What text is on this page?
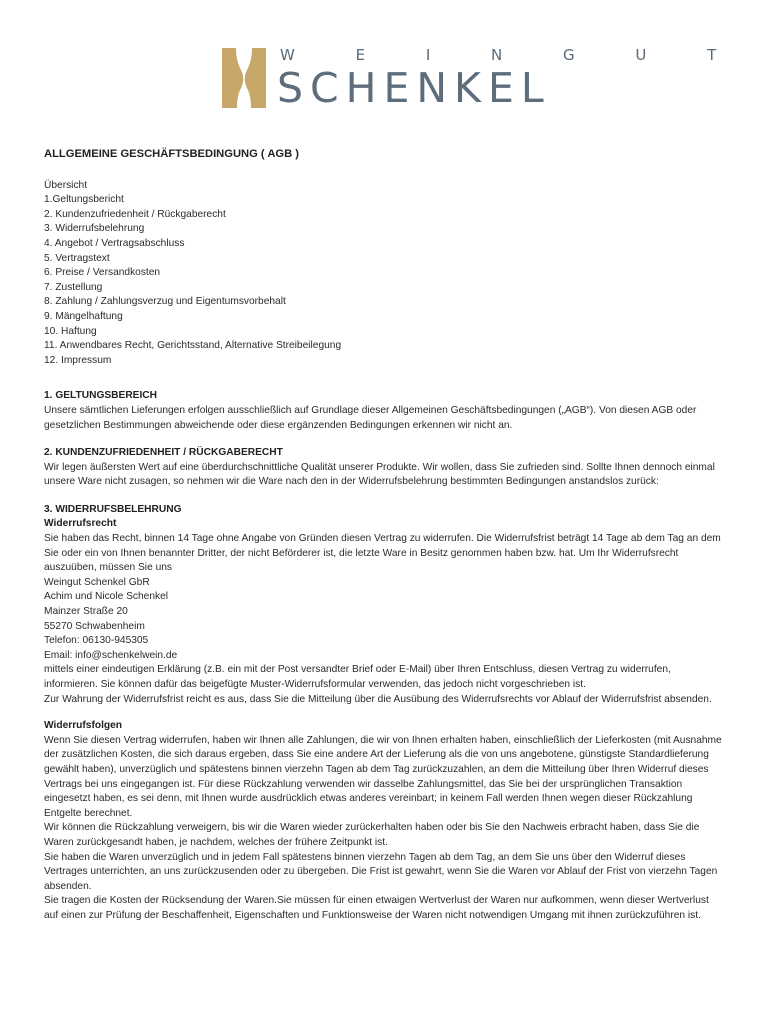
W E I N G U T
SCHENKEL

ALLGEMEINE GESCHÄFTSBEDINGUNG ( AGB )

Übersicht

1.Geltungsbericht

2. Kundenzufriedenheit / Rückgaberecht

3. Widerrufsbelehrung

4. Angebot / Vertragsabschluss

5. Vertragstext

6. Preise / Versandkosten

7. Zustellung

8. Zahlung / Zahlungsverzug und Eigentumsvorbehalt

9. Mängelhaftung

10. Haftung

11. Anwendbares Recht, Gerichtsstand, Alternative Streibeilegung

12. Impressum

1. GELTUNGSBEREICH

Unsere sämtlichen Lieferungen erfolgen ausschließlich auf Grundlage dieser Allgemeinen Geschäftsbedingungen („AGB“). Von diesen AGB oder gesetzlichen Bestimmungen abweichende oder diese ergänzenden Bedingungen erkennen wir nicht an.

2. KUNDENZUFRIEDENHEIT / RÜCKGABERECHT

Wir legen äußersten Wert auf eine überdurchschnittliche Qualität unserer Produkte. Wir wollen, dass Sie zufrieden sind. Sollte Ihnen dennoch einmal unsere Ware nicht zusagen, so nehmen wir die Ware nach den in der Widerrufsbelehrung bestimmten Bedingungen anstandslos zurück:

3. WIDERRUFSBELEHRUNG

Widerrufsrecht

Sie haben das Recht, binnen 14 Tage ohne Angabe von Gründen diesen Vertrag zu widerrufen. Die Widerrufsfrist beträgt 14 Tage ab dem Tag an dem Sie oder ein von Ihnen benannter Dritter, der nicht Beförderer ist, die letzte Ware in Besitz genommen haben bzw. hat. Um Ihr Widerrufsrecht auszuüben, müssen Sie uns

Weingut Schenkel GbR

Achim und Nicole Schenkel

Mainzer Straße 20

55270 Schwabenheim

Telefon: 06130-945305

Email: info@schenkelwein.de

mittels einer eindeutigen Erklärung (z.B. ein mit der Post versandter Brief oder E-Mail) über Ihren Entschluss, diesen Vertrag zu widerrufen, informieren. Sie können dafür das beigefügte Muster-Widerrufsformular verwenden, das jedoch nicht vorgeschrieben ist.

Zur Wahrung der Widerrufsfrist reicht es aus, dass Sie die Mitteilung über die Ausübung des Widerrufsrechts vor Ablauf der Widerrufsfrist absenden.

Widerrufsfolgen

Wenn Sie diesen Vertrag widerrufen, haben wir Ihnen alle Zahlungen, die wir von Ihnen erhalten haben, einschließlich der Lieferkosten (mit Ausnahme der zusätzlichen Kosten, die sich daraus ergeben, dass Sie eine andere Art der Lieferung als die von uns angebotene, günstigste Standardlieferung gewählt haben), unverzüglich und spätestens binnen vierzehn Tagen ab dem Tag zurückzuzahlen, an dem die Mitteilung über Ihren Widerruf dieses Vertrags bei uns eingegangen ist. Für diese Rückzahlung verwenden wir dasselbe Zahlungsmittel, das Sie bei der ursprünglichen Transaktion eingesetzt haben, es sei denn, mit Ihnen wurde ausdrücklich etwas anderes vereinbart; in keinem Fall werden Ihnen wegen dieser Rückzahlung Entgelte berechnet.

Wir können die Rückzahlung verweigern, bis wir die Waren wieder zurückerhalten haben oder bis Sie den Nachweis erbracht haben, dass Sie die Waren zurückgesandt haben, je nachdem, welches der frühere Zeitpunkt ist.

Sie haben die Waren unverzüglich und in jedem Fall spätestens binnen vierzehn Tagen ab dem Tag, an dem Sie uns über den Widerruf dieses Vertrages unterrichten, an uns zurückzusenden oder zu übergeben. Die Frist ist gewahrt, wenn Sie die Waren vor Ablauf der Frist von vierzehn Tagen absenden.

Sie tragen die Kosten der Rücksendung der Waren.Sie müssen für einen etwaigen Wertverlust der Waren nur aufkommen, wenn dieser Wertverlust auf einen zur Prüfung der Beschaffenheit, Eigenschaften und Funktionsweise der Waren nicht notwendigen Umgang mit ihnen zurückzuführen ist.
